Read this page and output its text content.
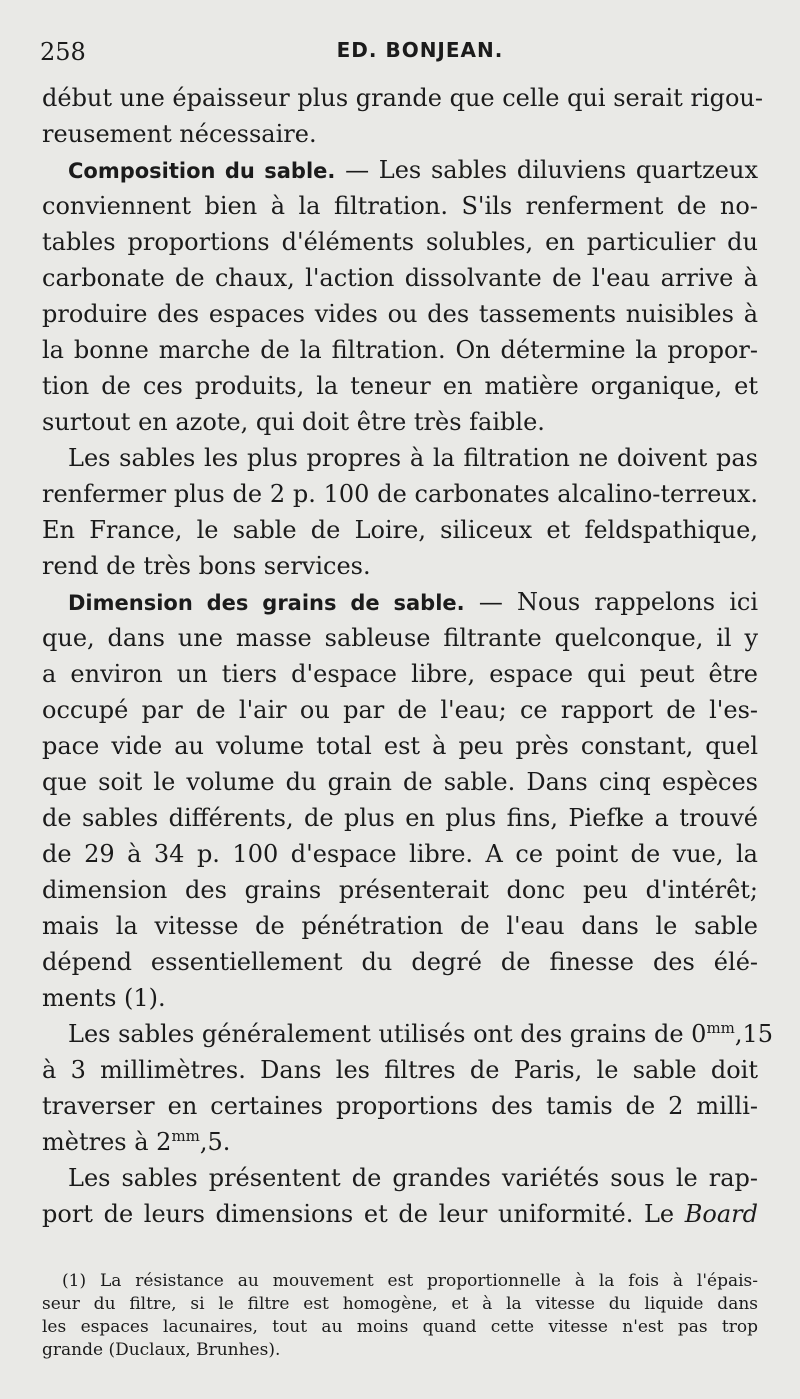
258	ED. BONJEAN.
début une épaisseur plus grande que celle qui serait rigou-
reusement nécessaire.
Composition du sable. — Les sables diluviens quartzeux
conviennent bien à la filtration. S'ils renferment de no-
tables proportions d'éléments solubles, en particulier du
carbonate de chaux, l'action dissolvante de l'eau arrive à
produire des espaces vides ou des tassements nuisibles à
la bonne marche de la filtration. On détermine la propor-
tion de ces produits, la teneur en matière organique, et
surtout en azote, qui doit être très faible.
Les sables les plus propres à la filtration ne doivent pas
renfermer plus de 2 p. 100 de carbonates alcalino-terreux.
En France, le sable de Loire, siliceux et feldspathique,
rend de très bons services.
Dimension des grains de sable. — Nous rappelons ici
que, dans une masse sableuse filtrante quelconque, il y
a environ un tiers d'espace libre, espace qui peut être
occupé par de l'air ou par de l'eau; ce rapport de l'es-
pace vide au volume total est à peu près constant, quel
que soit le volume du grain de sable. Dans cinq espèces
de sables différents, de plus en plus fins, Piefke a trouvé
de 29 à 34 p. 100 d'espace libre. A ce point de vue, la
dimension des grains présenterait donc peu d'intérêt;
mais la vitesse de pénétration de l'eau dans le sable
dépend essentiellement du degré de finesse des élé-
ments (1).
Les sables généralement utilisés ont des grains de $0^{mm},15$
à 3 millimètres. Dans les filtres de Paris, le sable doit
traverser en certaines proportions des tamis de 2 milli-
mètres à $2^{mm},5$.
Les sables présentent de grandes variétés sous le rap-
port de leurs dimensions et de leur uniformité. Le Board
(1) La résistance au mouvement est proportionnelle à la fois à l'épais-
seur du filtre, si le filtre est homogène, et à la vitesse du liquide dans
les espaces lacunaires, tout au moins quand cette vitesse n'est pas trop
grande (Duclaux, Brunhes).
